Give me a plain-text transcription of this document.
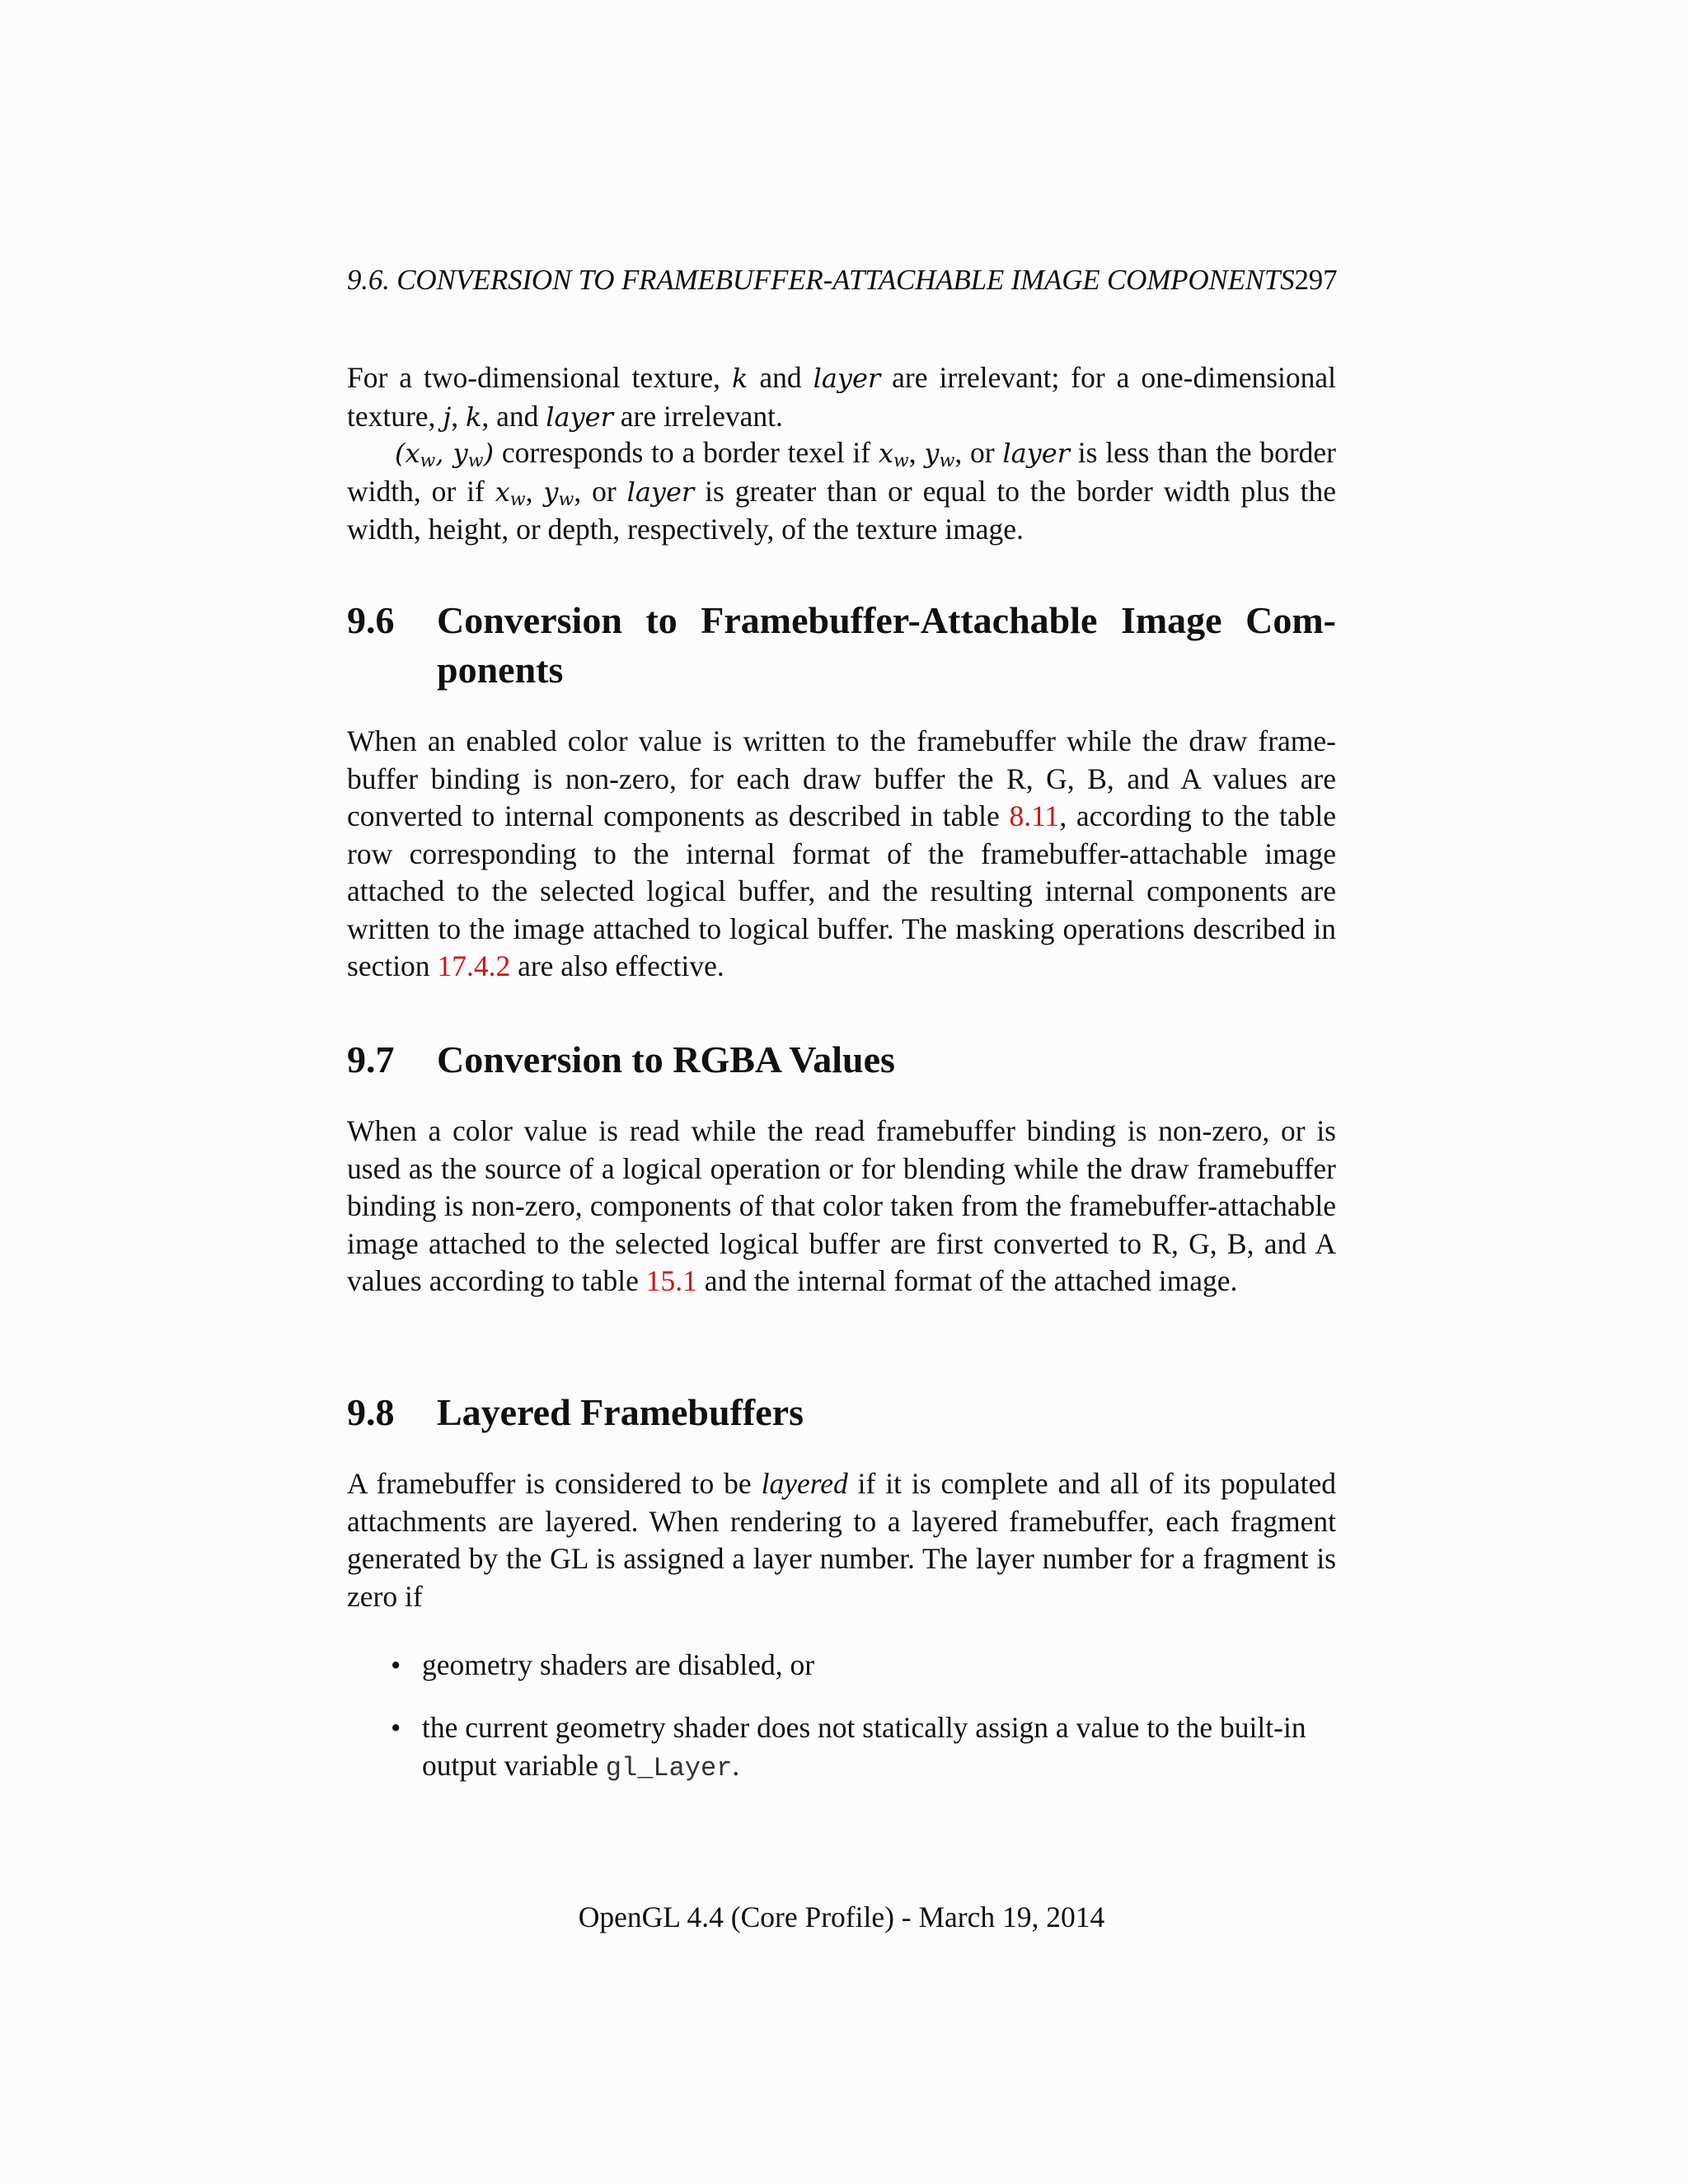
9.6. CONVERSION TO FRAMEBUFFER-ATTACHABLE IMAGE COMPONENTS297

For a two-dimensional texture, k and layer are irrelevant; for a one-dimensional texture, j, k, and layer are irrelevant.

($x_w$, $y_w$) corresponds to a border texel if $x_w$, $y_w$, or layer is less than the border width, or if $x_w$, $y_w$, or layer is greater than or equal to the border width plus the width, height, or depth, respectively, of the texture image.

9.6 Conversion to Framebuffer-Attachable Image Com-
ponents

When an enabled color value is written to the framebuffer while the draw framebuffer binding is non-zero, for each draw buffer the R, G, B, and A values are converted to internal components as described in table 8.11, according to the table row corresponding to the internal format of the framebuffer-attachable image attached to the selected logical buffer, and the resulting internal components are written to the image attached to logical buffer. The masking operations described in section 17.4.2 are also effective.

9.7 Conversion to RGBA Values

When a color value is read while the read framebuffer binding is non-zero, or is used as the source of a logical operation or for blending while the draw framebuffer binding is non-zero, components of that color taken from the framebuffer-attachable image attached to the selected logical buffer are first converted to R, G, B, and A values according to table 15.1 and the internal format of the attached image.

9.8 Layered Framebuffers

A framebuffer is considered to be layered if it is complete and all of its populated attachments are layered. When rendering to a layered framebuffer, each fragment generated by the GL is assigned a layer number. The layer number for a fragment is zero if

• geometry shaders are disabled, or
• the current geometry shader does not statically assign a value to the built-in output variable gl_Layer.
OpenGL 4.4 (Core Profile) - March 19, 2014
